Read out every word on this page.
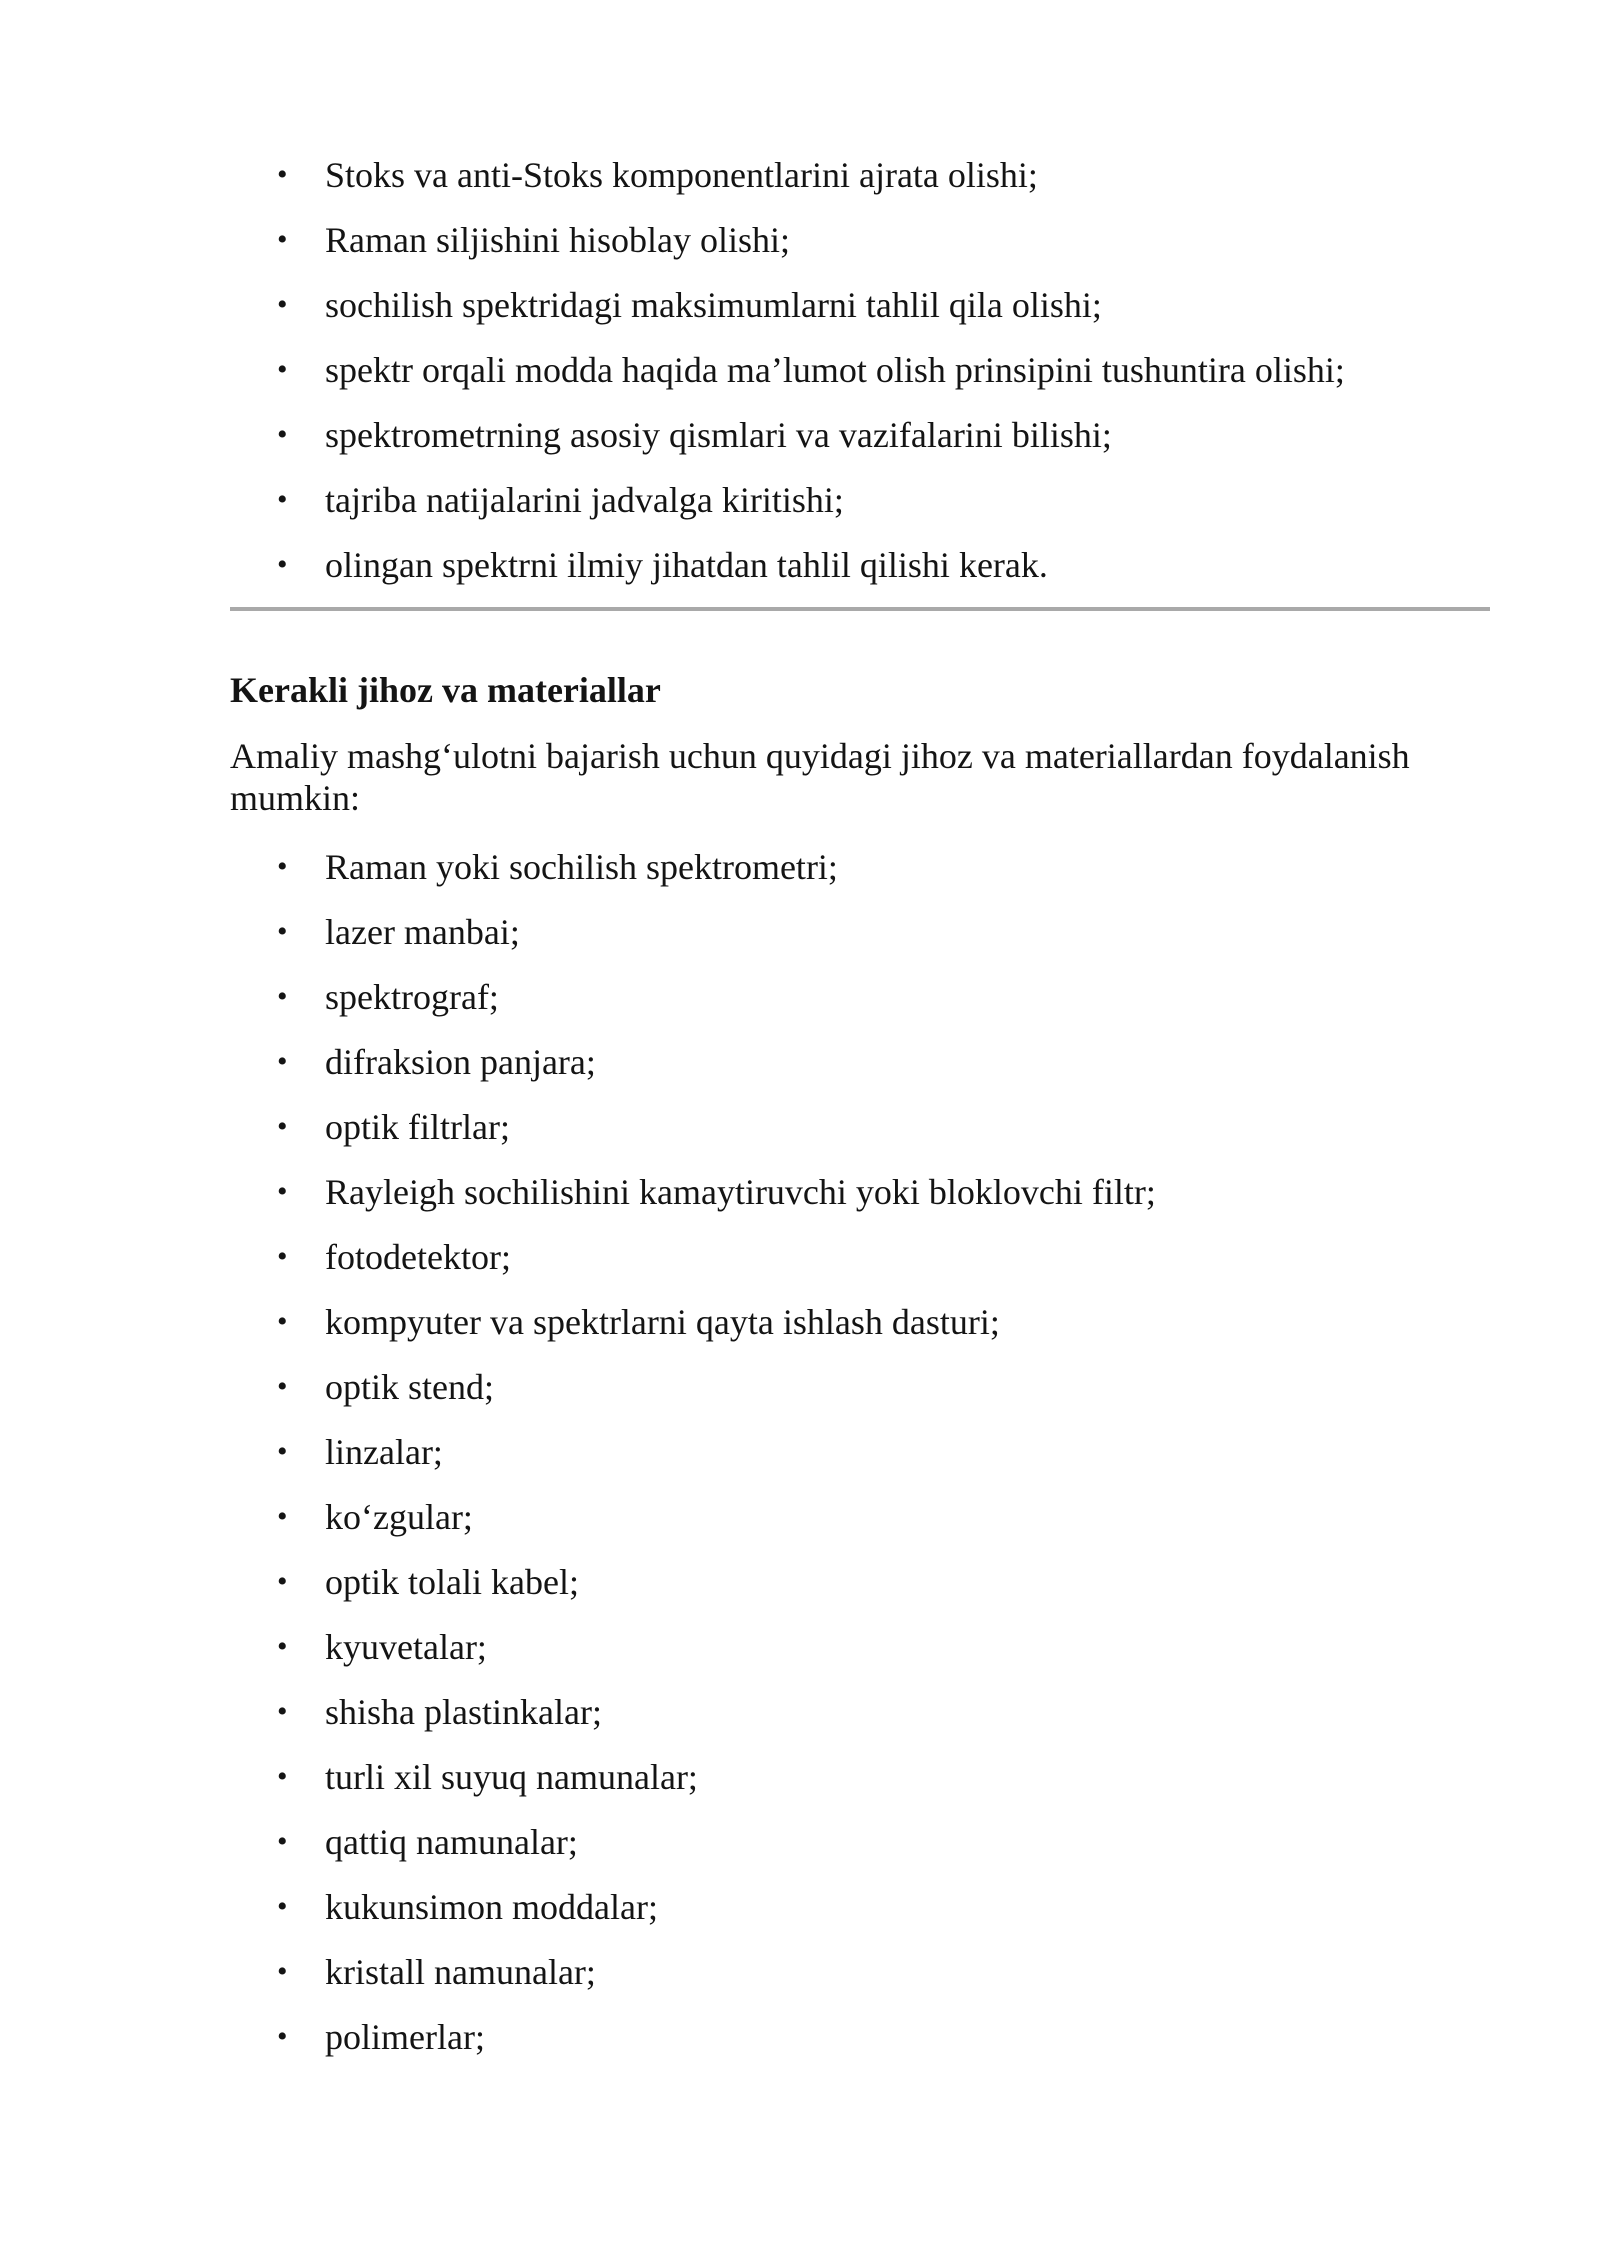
• Stoks va anti-Stoks komponentlarini ajrata olishi;
• Raman siljishini hisoblay olishi;
• sochilish spektridagi maksimumlarni tahlil qila olishi;
• spektr orqali modda haqida ma’lumot olish prinsipini tushuntira olishi;
• spektrometrning asosiy qismlari va vazifalarini bilishi;
• tajriba natijalarini jadvalga kiritishi;
• olingan spektrni ilmiy jihatdan tahlil qilishi kerak.
Kerakli jihoz va materiallar

Amaliy mashg‘ulotni bajarish uchun quyidagi jihoz va materiallardan foydalanish mumkin:

• Raman yoki sochilish spektrometri;
• lazer manbai;
• spektrograf;
• difraksion panjara;
• optik filtrlar;
• Rayleigh sochilishini kamaytiruvchi yoki bloklovchi filtr;
• fotodetektor;
• kompyuter va spektrlarni qayta ishlash dasturi;
• optik stend;
• linzalar;
• ko‘zgular;
• optik tolali kabel;
• kyuvetalar;
• shisha plastinkalar;
• turli xil suyuq namunalar;
• qattiq namunalar;
• kukunsimon moddalar;
• kristall namunalar;
• polimerlar;
